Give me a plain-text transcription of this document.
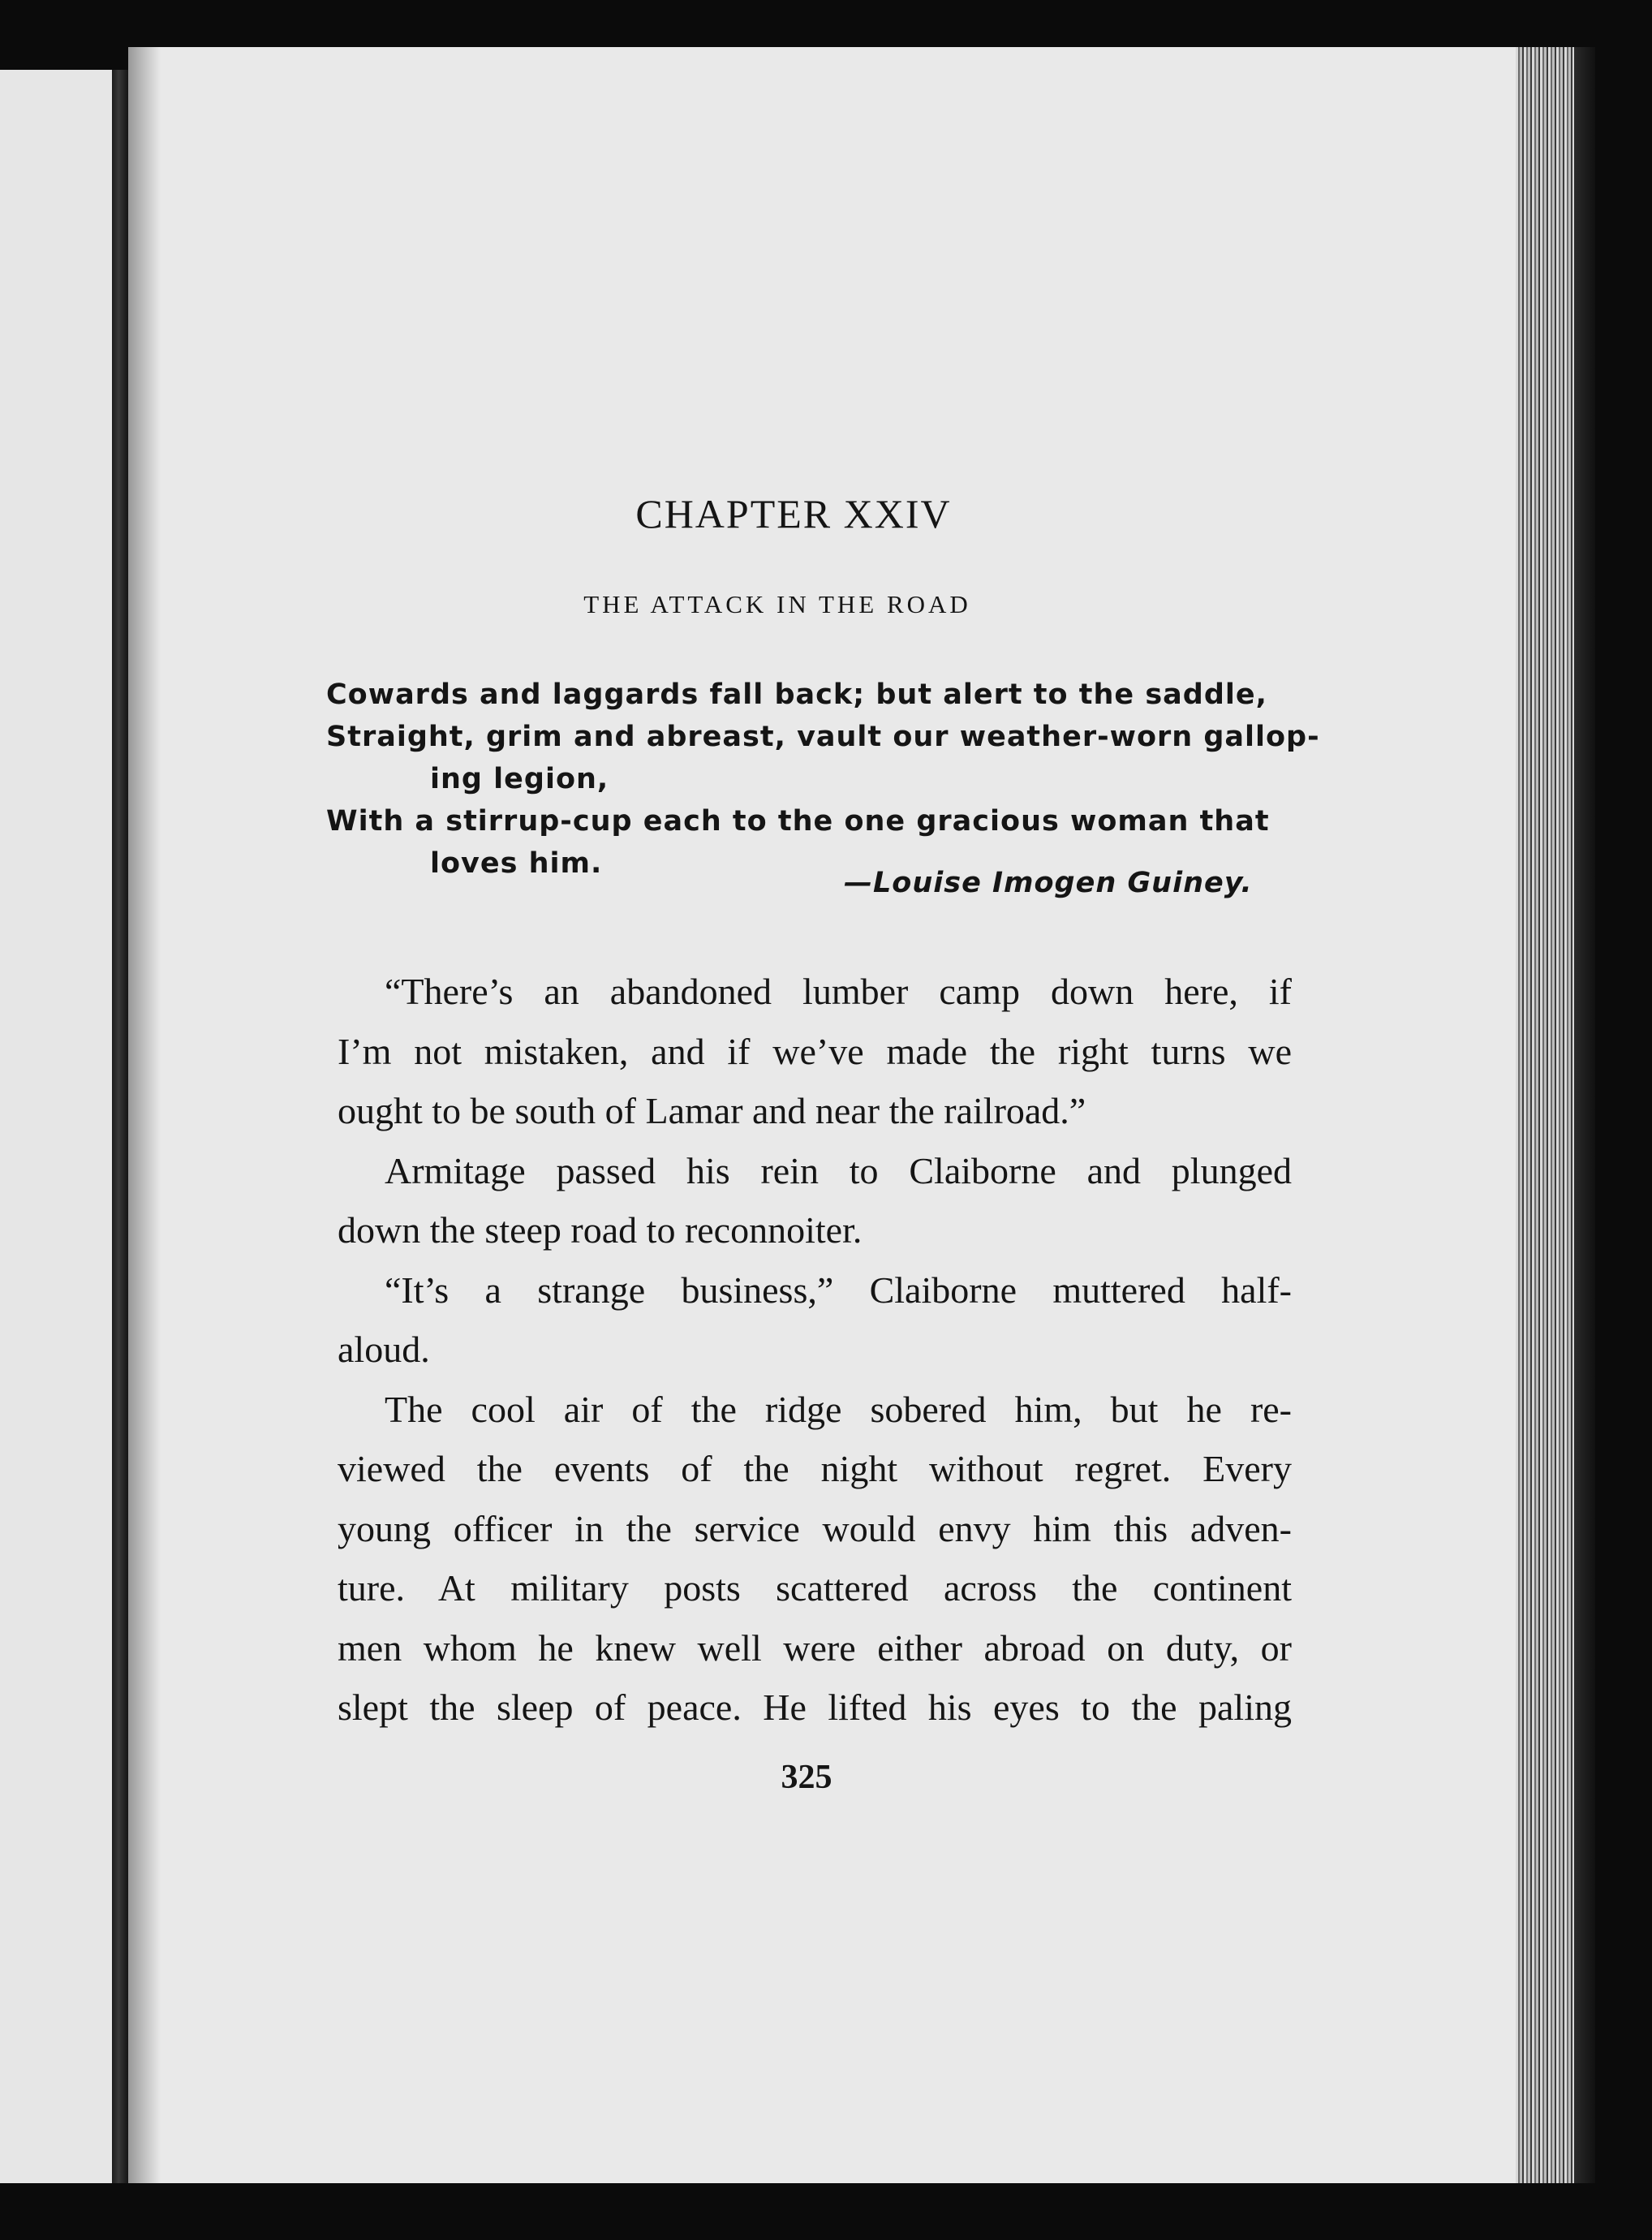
CHAPTER XXIV
THE ATTACK IN THE ROAD
Cowards and laggards fall back; but alert to the saddle,
Straight, grim and abreast, vault our weather-worn gallop-
ing legion,
With a stirrup-cup each to the one gracious woman that
loves him.
—Louise Imogen Guiney.
“There’s an abandoned lumber camp down here, if
I’m not mistaken, and if we’ve made the right turns we
ought to be south of Lamar and near the railroad.”
Armitage passed his rein to Claiborne and plunged
down the steep road to reconnoiter.
“It’s a strange business,” Claiborne muttered half-
aloud.
The cool air of the ridge sobered him, but he re-
viewed the events of the night without regret. Every
young officer in the service would envy him this adven-
ture. At military posts scattered across the continent
men whom he knew well were either abroad on duty, or
slept the sleep of peace. He lifted his eyes to the paling
325
